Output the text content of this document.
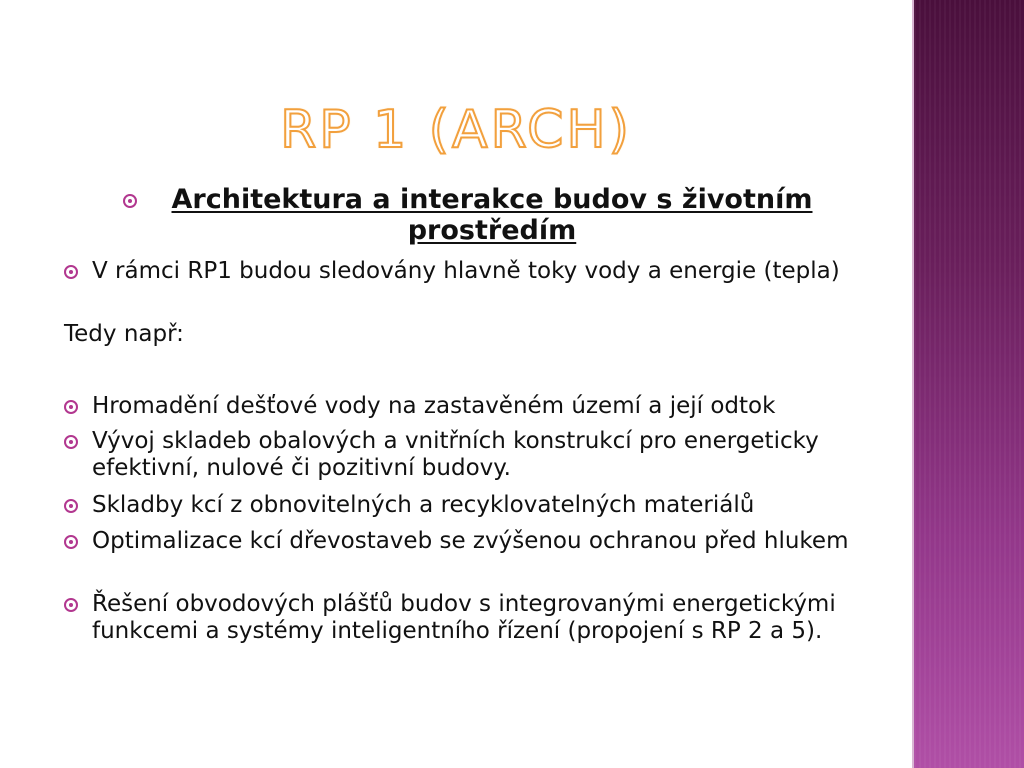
RP 1 (ARCH)
Architektura a interakce budov s životním prostředím
V rámci RP1 budou sledovány hlavně toky vody a energie (tepla)
Tedy např:
Hromadění dešťové vody na zastavěném území a její odtok
Vývoj skladeb obalových a vnitřních konstrukcí pro energeticky efektivní, nulové či pozitivní budovy.
Skladby kcí z obnovitelných a recyklovatelných materiálů
Optimalizace kcí dřevostaveb se zvýšenou ochranou před hlukem
Řešení obvodových plášťů budov s integrovanými energetickými funkcemi a systémy inteligentního řízení (propojení s RP 2 a 5).
